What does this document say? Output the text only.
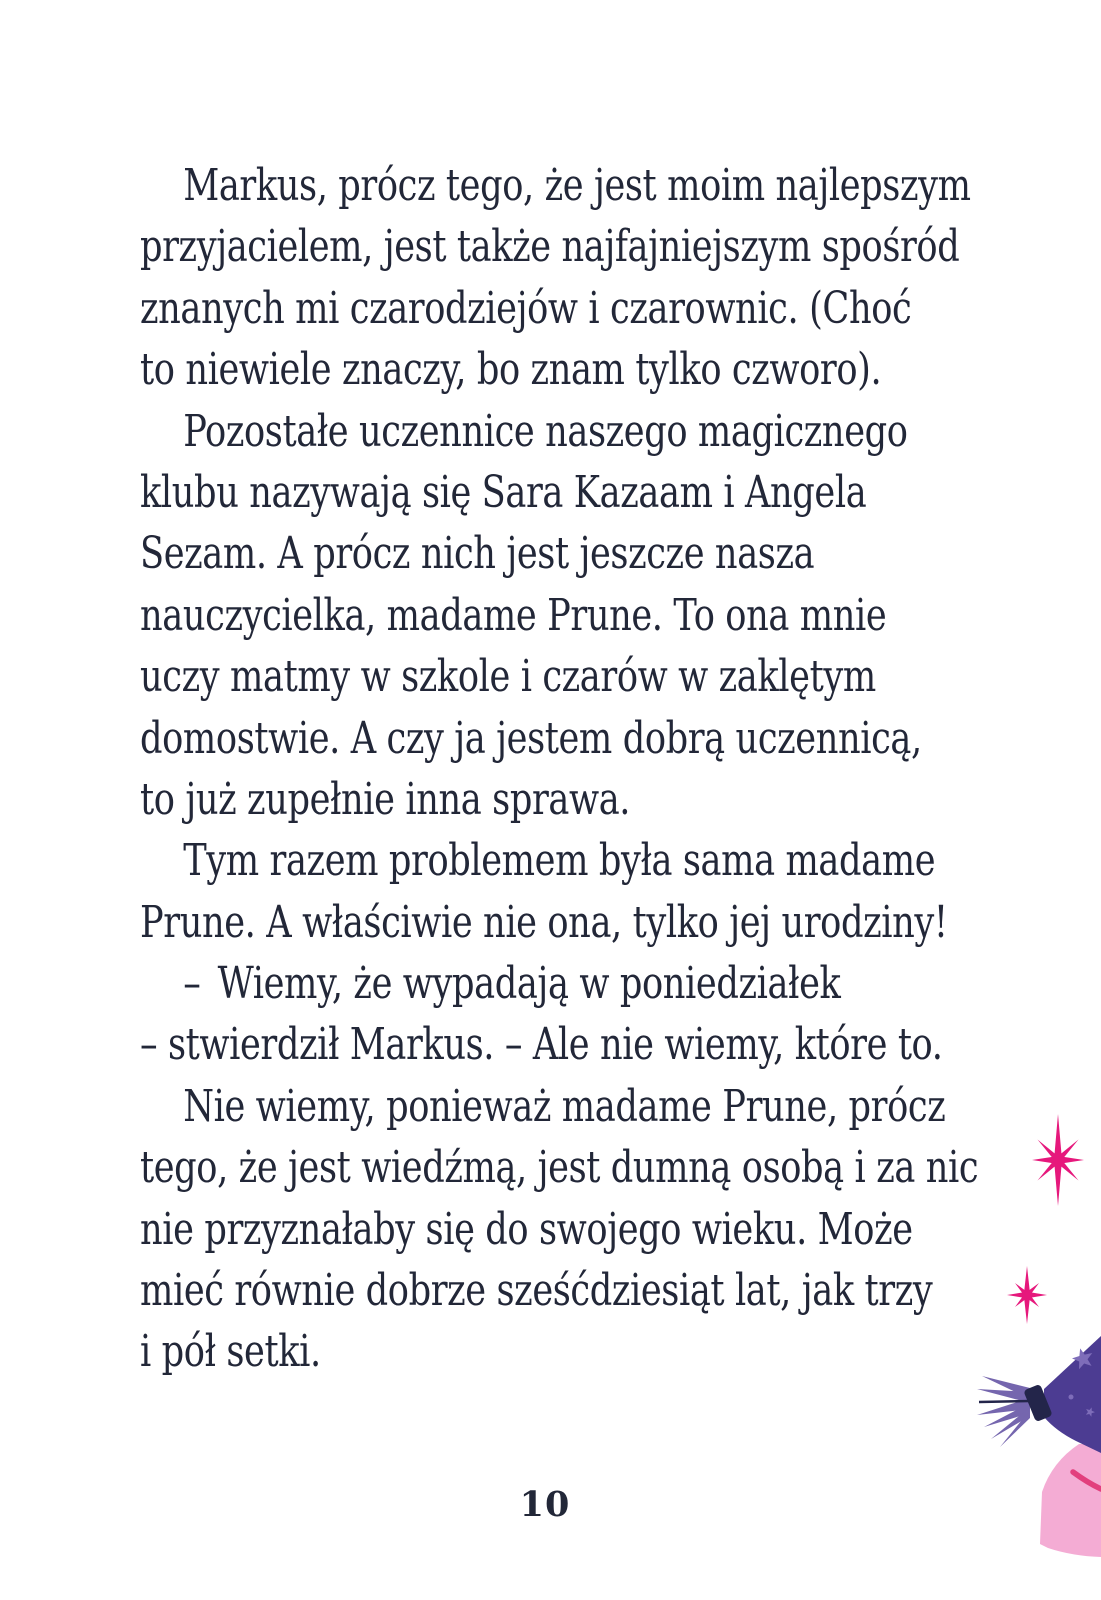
Markus, prócz tego, że jest moim najlepszym
przyjacielem, jest także najfajniejszym spośród
znanych mi czarodziejów i czarownic. (Choć
to niewiele znaczy, bo znam tylko czworo).
Pozostałe uczennice naszego magicznego
klubu nazywają się Sara Kazaam i Angela
Sezam. A prócz nich jest jeszcze nasza
nauczycielka, madame Prune. To ona mnie
uczy matmy w szkole i czarów w zaklętym
domostwie. A czy ja jestem dobrą uczennicą,
to już zupełnie inna sprawa.
Tym razem problemem była sama madame
Prune. A właściwie nie ona, tylko jej urodziny!
– Wiemy, że wypadają w poniedziałek
– stwierdził Markus. – Ale nie wiemy, które to.
Nie wiemy, ponieważ madame Prune, prócz
tego, że jest wiedźmą, jest dumną osobą i za nic
nie przyznałaby się do swojego wieku. Może
mieć równie dobrze sześćdziesiąt lat, jak trzy
i pół setki.
10
